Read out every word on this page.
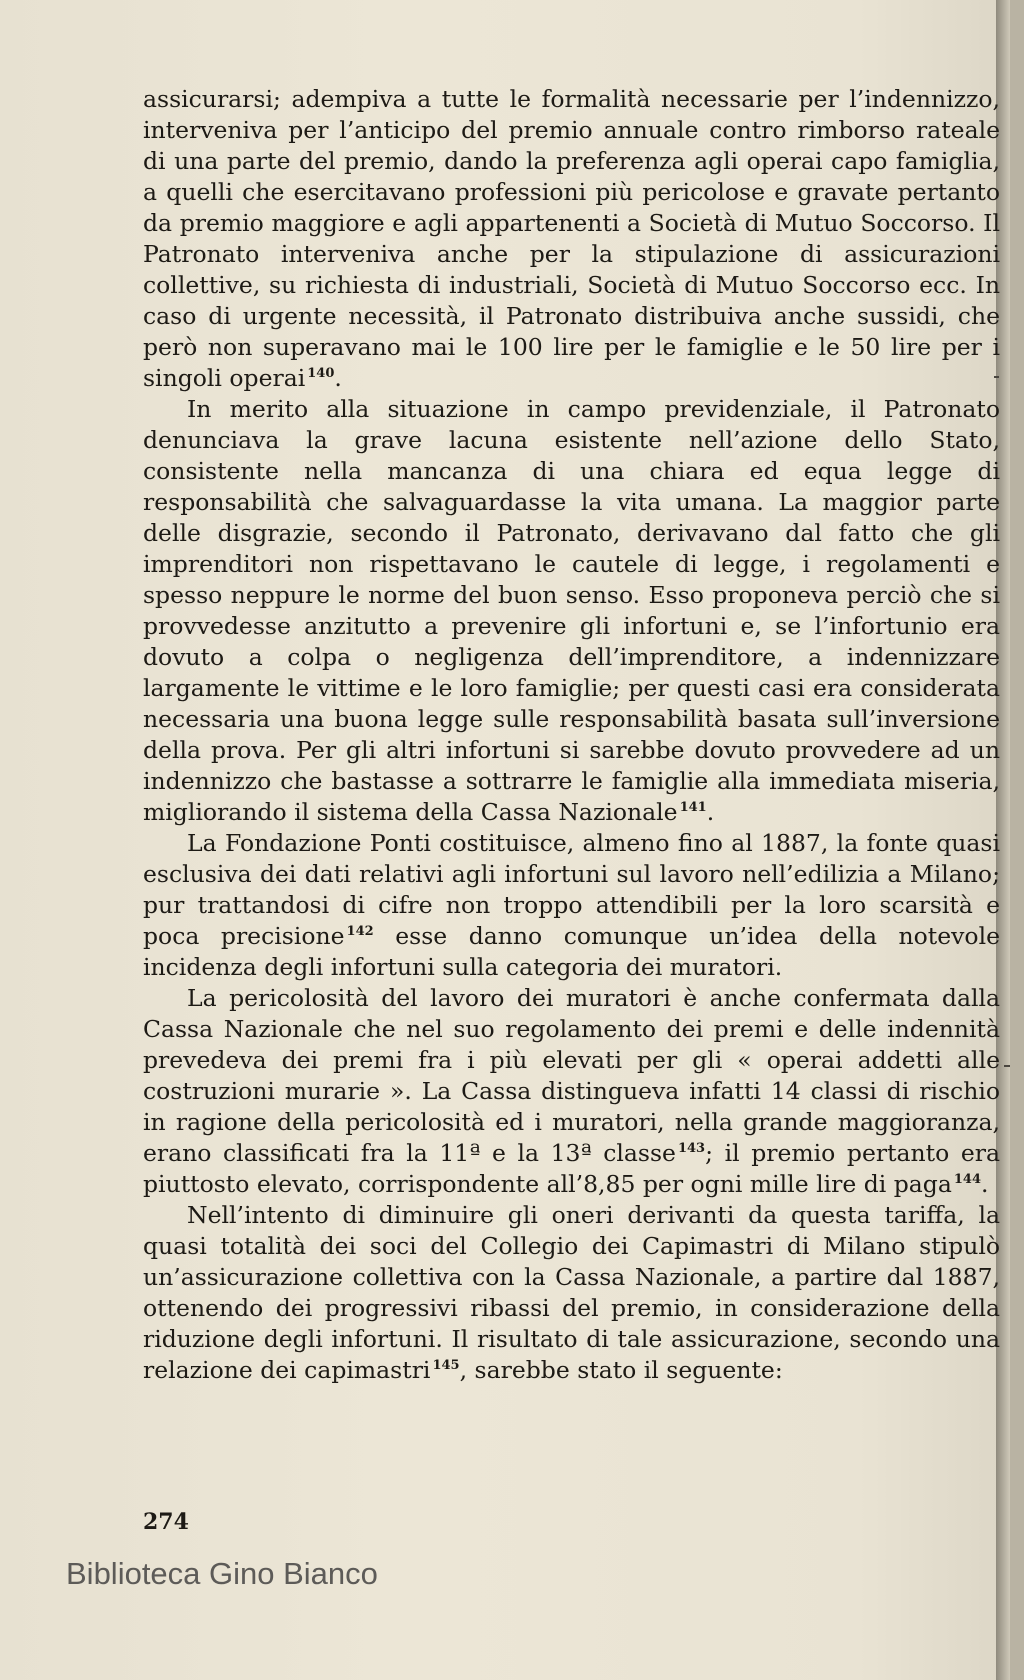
assicurarsi; adempiva a tutte le formalità necessarie per l’indennizzo, interveniva per l’anticipo del premio annuale contro rimborso rateale di una parte del premio, dando la preferenza agli operai capo famiglia, a quelli che esercitavano professioni più pericolose e gravate pertanto da premio maggiore e agli appartenenti a Società di Mutuo Soccorso. Il Patronato interveniva anche per la stipulazione di assicurazioni collettive, su richiesta di industriali, Società di Mutuo Soccorso ecc. In caso di urgente necessità, il Patronato distribuiva anche sussidi, che però non superavano mai le 100 lire per le famiglie e le 50 lire per i singoli operai $^{140}$.

In merito alla situazione in campo previdenziale, il Patronato denunciava la grave lacuna esistente nell’azione dello Stato, consistente nella mancanza di una chiara ed equa legge di responsabilità che salvaguardasse la vita umana. La maggior parte delle disgrazie, secondo il Patronato, derivavano dal fatto che gli imprenditori non rispettavano le cautele di legge, i regolamenti e spesso neppure le norme del buon senso. Esso proponeva perciò che si provvedesse anzitutto a prevenire gli infortuni e, se l’infortunio era dovuto a colpa o negligenza dell’imprenditore, a indennizzare largamente le vittime e le loro famiglie; per questi casi era considerata necessaria una buona legge sulle responsabilità basata sull’inversione della prova. Per gli altri infortuni si sarebbe dovuto provvedere ad un indennizzo che bastasse a sottrarre le famiglie alla immediata miseria, migliorando il sistema della Cassa Nazionale $^{141}$.

La Fondazione Ponti costituisce, almeno fino al 1887, la fonte quasi esclusiva dei dati relativi agli infortuni sul lavoro nell’edilizia a Milano; pur trattandosi di cifre non troppo attendibili per la loro scarsità e poca precisione $^{142}$ esse danno comunque un’idea della notevole incidenza degli infortuni sulla categoria dei muratori.

La pericolosità del lavoro dei muratori è anche confermata dalla Cassa Nazionale che nel suo regolamento dei premi e delle indennità prevedeva dei premi fra i più elevati per gli « operai addetti alle costruzioni murarie ». La Cassa distingueva infatti 14 classi di rischio in ragione della pericolosità ed i muratori, nella grande maggioranza, erano classificati fra la 11ª e la 13ª classe $^{143}$; il premio pertanto era piuttosto elevato, corrispondente all’8,85 per ogni mille lire di paga $^{144}$.

Nell’intento di diminuire gli oneri derivanti da questa tariffa, la quasi totalità dei soci del Collegio dei Capimastri di Milano stipulò un’assicurazione collettiva con la Cassa Nazionale, a partire dal 1887, ottenendo dei progressivi ribassi del premio, in considerazione della riduzione degli infortuni. Il risultato di tale assicurazione, secondo una relazione dei capimastri $^{145}$, sarebbe stato il seguente:

274
Biblioteca Gino Bianco
